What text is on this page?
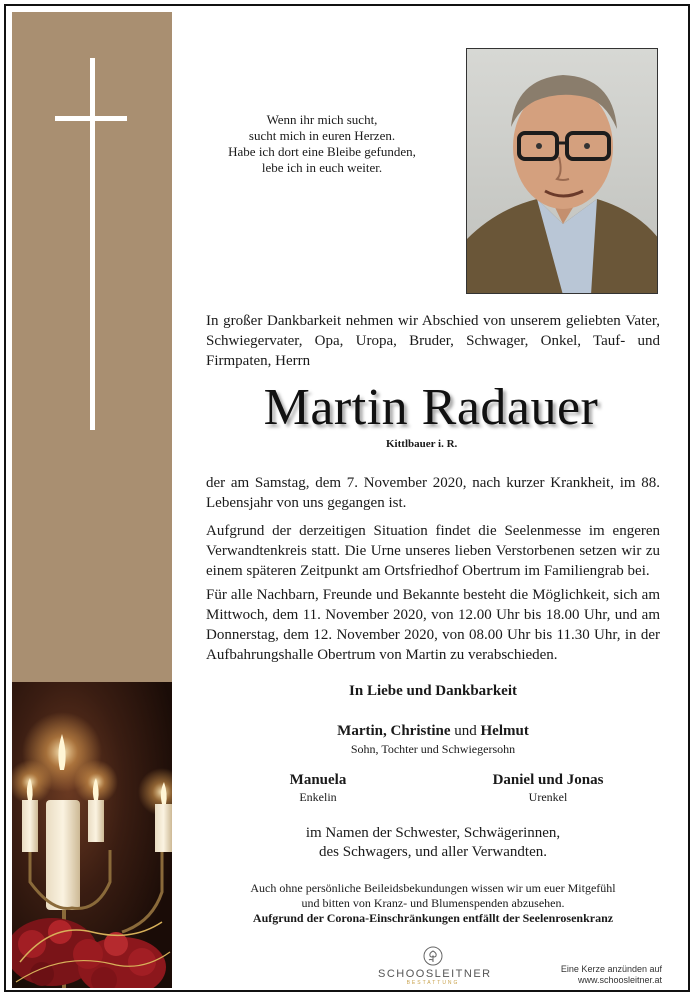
Wenn ihr mich sucht,
sucht mich in euren Herzen.
Habe ich dort eine Bleibe gefunden,
lebe ich in euch weiter.
In großer Dankbarkeit nehmen wir Abschied von unserem geliebten Vater, Schwiegervater, Opa, Uropa, Bruder, Schwager, Onkel, Tauf- und Firmpaten, Herrn
Martin Radauer
Kittlbauer i. R.
der am Samstag, dem 7. November 2020, nach kurzer Krankheit, im 88. Lebensjahr von uns gegangen ist.
Aufgrund der derzeitigen Situation findet die Seelenmesse im engeren Verwandtenkreis statt. Die Urne unseres lieben Verstorbenen setzen wir zu einem späteren Zeitpunkt am Ortsfriedhof Obertrum im Familiengrab bei.
Für alle Nachbarn, Freunde und Bekannte besteht die Möglichkeit, sich am Mittwoch, dem 11. November 2020, von 12.00 Uhr bis 18.00 Uhr, und am Donnerstag, dem 12. November 2020, von 08.00 Uhr bis 11.30 Uhr, in der Aufbahrungshalle Obertrum von Martin zu verabschieden.
In Liebe und Dankbarkeit
Martin, Christine und Helmut
Sohn, Tochter und Schwiegersohn
Manuela
Enkelin
Daniel und Jonas
Urenkel
im Namen der Schwester, Schwägerinnen,
des Schwagers, und aller Verwandten.
Auch ohne persönliche Beileidsbekundungen wissen wir um euer Mitgefühl
und bitten von Kranz- und Blumenspenden abzusehen.
Aufgrund der Corona-Einschränkungen entfällt der Seelenrosenkranz
SCHOOSLEITNER
BESTATTUNG
Eine Kerze anzünden auf
www.schoosleitner.at
